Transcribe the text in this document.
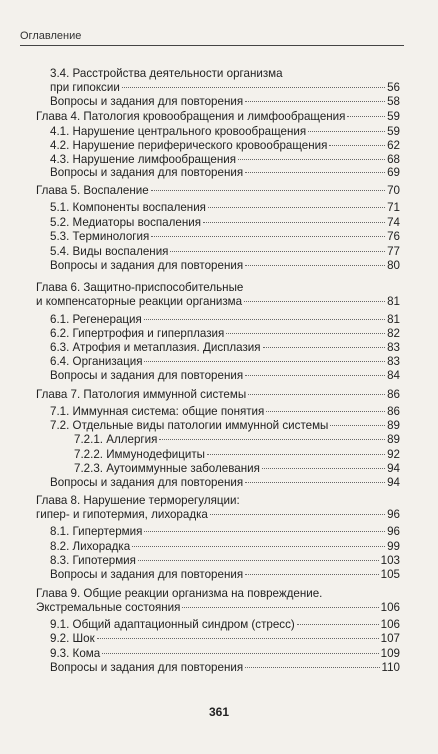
Оглавление
3.4. Расстройства деятельности организма
при гипоксии	56
Вопросы и задания для повторения	58
Глава 4. Патология кровообращения и лимфообращения	59
4.1. Нарушение центрального кровообращения	59
4.2. Нарушение периферического кровообращения	62
4.3. Нарушение лимфообращения	68
Вопросы и задания для повторения	69
Глава 5. Воспаление	70
5.1. Компоненты воспаления	71
5.2. Медиаторы воспаления	74
5.3. Терминология	76
5.4. Виды воспаления	77
Вопросы и задания для повторения	80
Глава 6. Защитно-приспособительные
и компенсаторные реакции организма	81
6.1. Регенерация	81
6.2. Гипертрофия и гиперплазия	82
6.3. Атрофия и метаплазия. Дисплазия	83
6.4. Организация	83
Вопросы и задания для повторения	84
Глава 7. Патология иммунной системы	86
7.1. Иммунная система: общие понятия	86
7.2. Отдельные виды патологии иммунной системы	89
7.2.1. Аллергия	89
7.2.2. Иммунодефициты	92
7.2.3. Аутоиммунные заболевания	94
Вопросы и задания для повторения	94
Глава 8. Нарушение терморегуляции:
гипер- и гипотермия, лихорадка	96
8.1. Гипертермия	96
8.2. Лихорадка	99
8.3. Гипотермия	103
Вопросы и задания для повторения	105
Глава 9. Общие реакции организма на повреждение.
Экстремальные состояния	106
9.1. Общий адаптационный синдром (стресс)	106
9.2. Шок	107
9.3. Кома	109
Вопросы и задания для повторения	110
361
